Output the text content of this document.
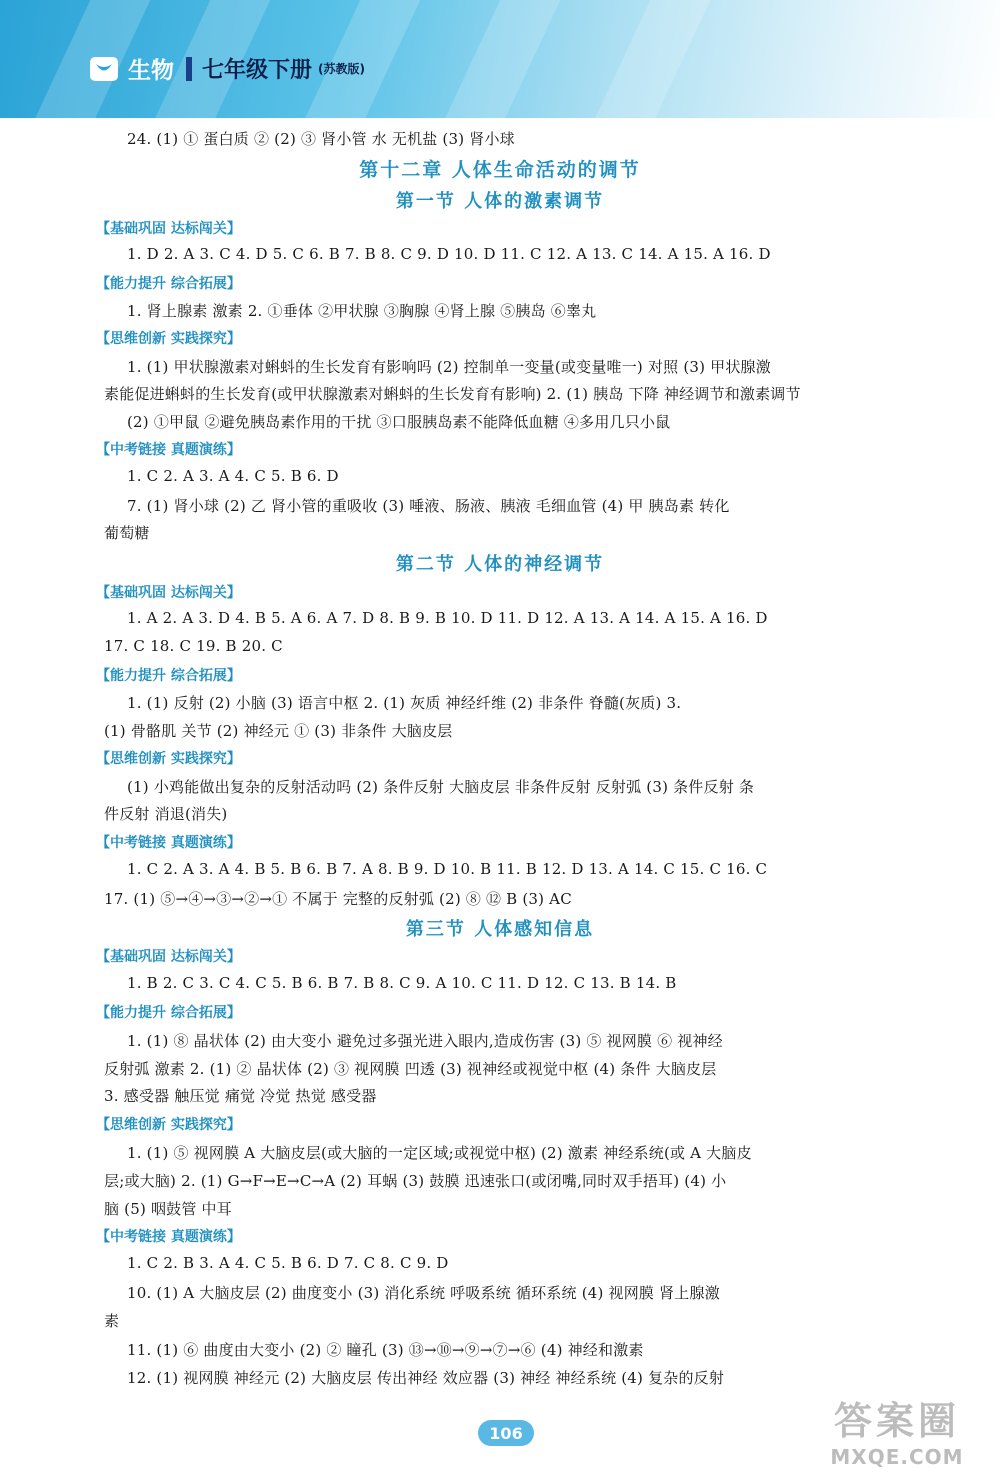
生物 七年级下册 (苏教版)
24. (1) ① 蛋白质 ② (2) ③ 肾小管 水 无机盐 (3) 肾小球
第十二章 人体生命活动的调节
第一节 人体的激素调节
【基础巩固 达标闯关】
1. D 2. A 3. C 4. D 5. C 6. B 7. B 8. C 9. D 10. D 11. C 12. A 13. C 14. A 15. A 16. D
【能力提升 综合拓展】
1. 肾上腺素 激素 2. ①垂体 ②甲状腺 ③胸腺 ④肾上腺 ⑤胰岛 ⑥睾丸
【思维创新 实践探究】
1. (1) 甲状腺激素对蝌蚪的生长发育有影响吗 (2) 控制单一变量(或变量唯一) 对照 (3) 甲状腺激
素能促进蝌蚪的生长发育(或甲状腺激素对蝌蚪的生长发育有影响) 2. (1) 胰岛 下降 神经调节和激素调节
(2) ①甲鼠 ②避免胰岛素作用的干扰 ③口服胰岛素不能降低血糖 ④多用几只小鼠
【中考链接 真题演练】
1. C 2. A 3. A 4. C 5. B 6. D
7. (1) 肾小球 (2) 乙 肾小管的重吸收 (3) 唾液、肠液、胰液 毛细血管 (4) 甲 胰岛素 转化
葡萄糖
第二节 人体的神经调节
【基础巩固 达标闯关】
1. A 2. A 3. D 4. B 5. A 6. A 7. D 8. B 9. B 10. D 11. D 12. A 13. A 14. A 15. A 16. D
17. C 18. C 19. B 20. C
【能力提升 综合拓展】
1. (1) 反射 (2) 小脑 (3) 语言中枢 2. (1) 灰质 神经纤维 (2) 非条件 脊髓(灰质) 3.
(1) 骨骼肌 关节 (2) 神经元 ① (3) 非条件 大脑皮层
【思维创新 实践探究】
(1) 小鸡能做出复杂的反射活动吗 (2) 条件反射 大脑皮层 非条件反射 反射弧 (3) 条件反射 条
件反射 消退(消失)
【中考链接 真题演练】
1. C 2. A 3. A 4. B 5. B 6. B 7. A 8. B 9. D 10. B 11. B 12. D 13. A 14. C 15. C 16. C
17. (1) ⑤→④→③→②→① 不属于 完整的反射弧 (2) ⑧ ⑫ B (3) AC
第三节 人体感知信息
【基础巩固 达标闯关】
1. B 2. C 3. C 4. C 5. B 6. B 7. B 8. C 9. A 10. C 11. D 12. C 13. B 14. B
【能力提升 综合拓展】
1. (1) ⑧ 晶状体 (2) 由大变小 避免过多强光进入眼内,造成伤害 (3) ⑤ 视网膜 ⑥ 视神经
反射弧 激素 2. (1) ② 晶状体 (2) ③ 视网膜 凹透 (3) 视神经或视觉中枢 (4) 条件 大脑皮层
3. 感受器 触压觉 痛觉 冷觉 热觉 感受器
【思维创新 实践探究】
1. (1) ⑤ 视网膜 A 大脑皮层(或大脑的一定区域;或视觉中枢) (2) 激素 神经系统(或 A 大脑皮
层;或大脑) 2. (1) G→F→E→C→A (2) 耳蜗 (3) 鼓膜 迅速张口(或闭嘴,同时双手捂耳) (4) 小
脑 (5) 咽鼓管 中耳
【中考链接 真题演练】
1. C 2. B 3. A 4. C 5. B 6. D 7. C 8. C 9. D
10. (1) A 大脑皮层 (2) 曲度变小 (3) 消化系统 呼吸系统 循环系统 (4) 视网膜 肾上腺激
素
11. (1) ⑥ 曲度由大变小 (2) ② 瞳孔 (3) ⑬→⑩→⑨→⑦→⑥ (4) 神经和激素
12. (1) 视网膜 神经元 (2) 大脑皮层 传出神经 效应器 (3) 神经 神经系统 (4) 复杂的反射
106	答案圈
MXQE.COM
